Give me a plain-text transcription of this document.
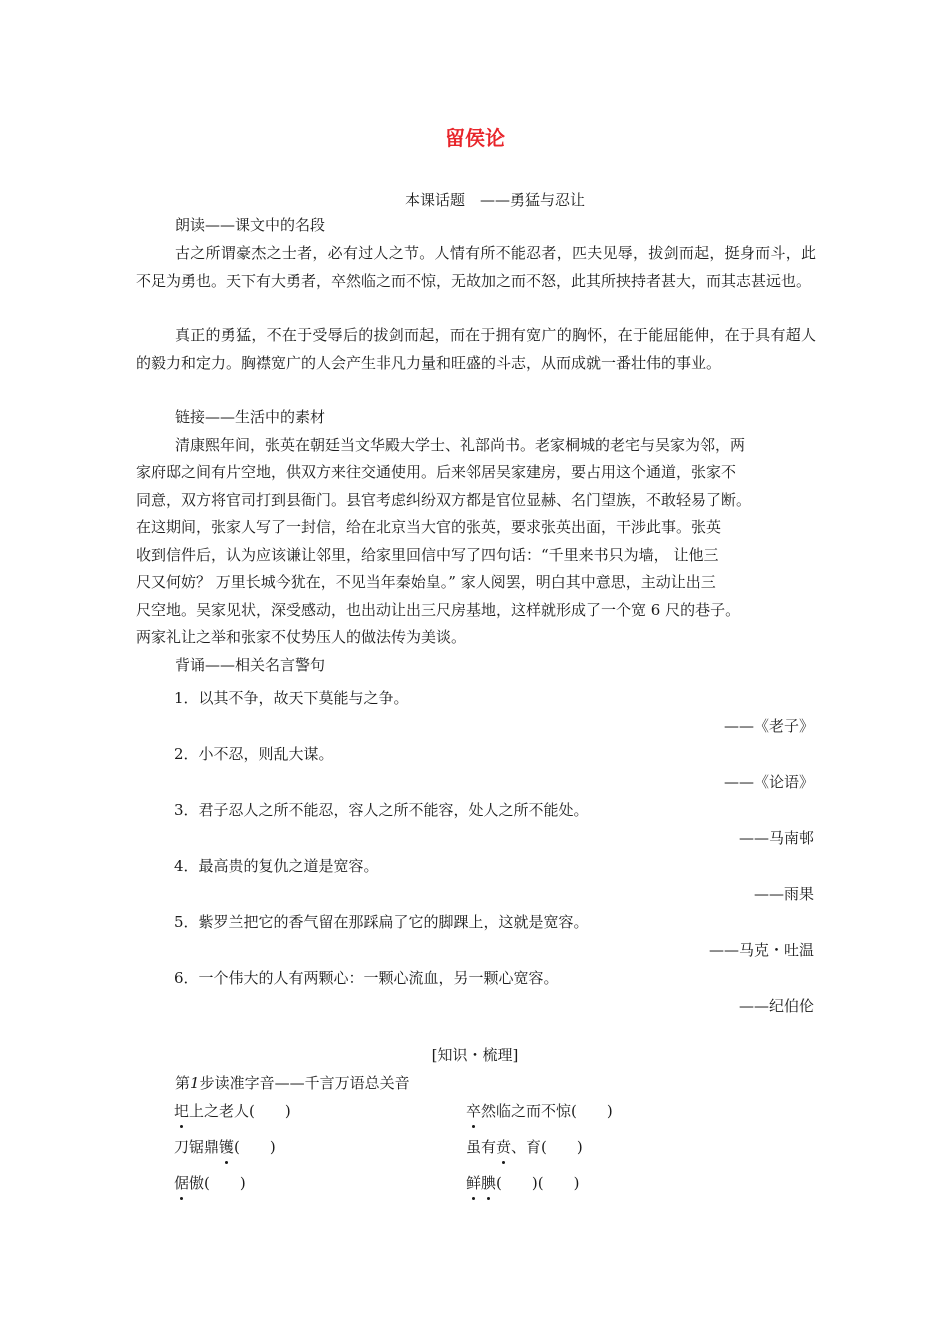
留侯论
本课话题　——勇猛与忍让
朗读——课文中的名段
古之所谓豪杰之士者，必有过人之节。人情有所不能忍者，匹夫见辱，拔剑而起，挺身而斗，此不足为勇也。天下有大勇者，卒然临之而不惊，无故加之而不怒，此其所挟持者甚大，而其志甚远也。
真正的勇猛，不在于受辱后的拔剑而起，而在于拥有宽广的胸怀，在于能屈能伸，在于具有超人的毅力和定力。胸襟宽广的人会产生非凡力量和旺盛的斗志，从而成就一番壮伟的事业。
链接——生活中的素材
清康熙年间，张英在朝廷当文华殿大学士、礼部尚书。老家桐城的老宅与吴家为邻，两
家府邸之间有片空地，供双方来往交通使用。后来邻居吴家建房，要占用这个通道，张家不
同意，双方将官司打到县衙门。县官考虑纠纷双方都是官位显赫、名门望族，不敢轻易了断。
在这期间，张家人写了一封信，给在北京当大官的张英，要求张英出面，干涉此事。张英
收到信件后，认为应该谦让邻里，给家里回信中写了四句话：“千里来书只为墙， 让他三
尺又何妨？ 万里长城今犹在，不见当年秦始皇。” 家人阅罢，明白其中意思，主动让出三
尺空地。吴家见状，深受感动，也出动让出三尺房基地，这样就形成了一个宽 6 尺的巷子。
两家礼让之举和张家不仗势压人的做法传为美谈。
背诵——相关名言警句
1．以其不争，故天下莫能与之争。
——《老子》
2．小不忍，则乱大谋。
——《论语》
3．君子忍人之所不能忍，容人之所不能容，处人之所不能处。
——马南邨
4．最高贵的复仇之道是宽容。
——雨果
5．紫罗兰把它的香气留在那踩扁了它的脚踝上，这就是宽容。
——马克・吐温
6．一个伟大的人有两颗心：一颗心流血，另一颗心宽容。
——纪伯伦
[知识・梳理]
第1步读准字音——千言万语总关音
圯上之老人(　　)	卒然临之而不惊(　　)
刀锯鼎镬(　　)	虽有贲、育(　　)
倨傲(　　)	鲜腆(　　)(　　)
